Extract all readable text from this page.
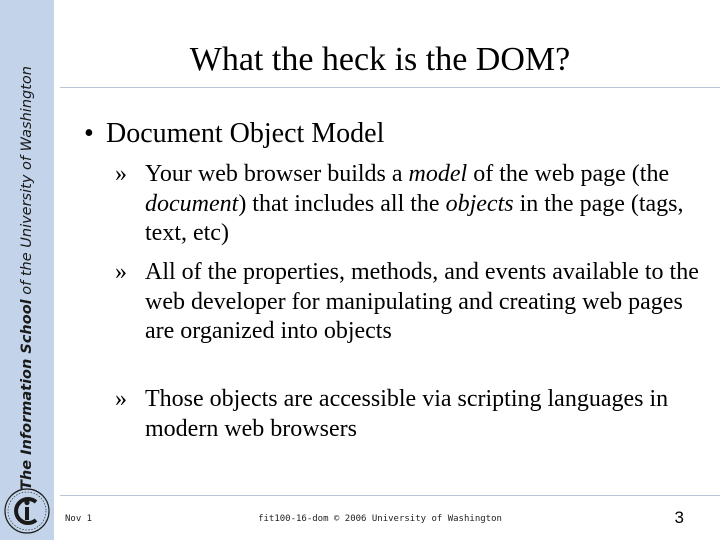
The Information School of the University of Washington
What the heck is the DOM?
• Document Object Model
» Your web browser builds a model of the web page (the document) that includes all the objects in the page (tags, text, etc)
» All of the properties, methods, and events available to the web developer for manipulating and creating web pages are organized into objects
» Those objects are accessible via scripting languages in modern web browsers
Nov 1	fit100-16-dom © 2006 University of Washington	3
